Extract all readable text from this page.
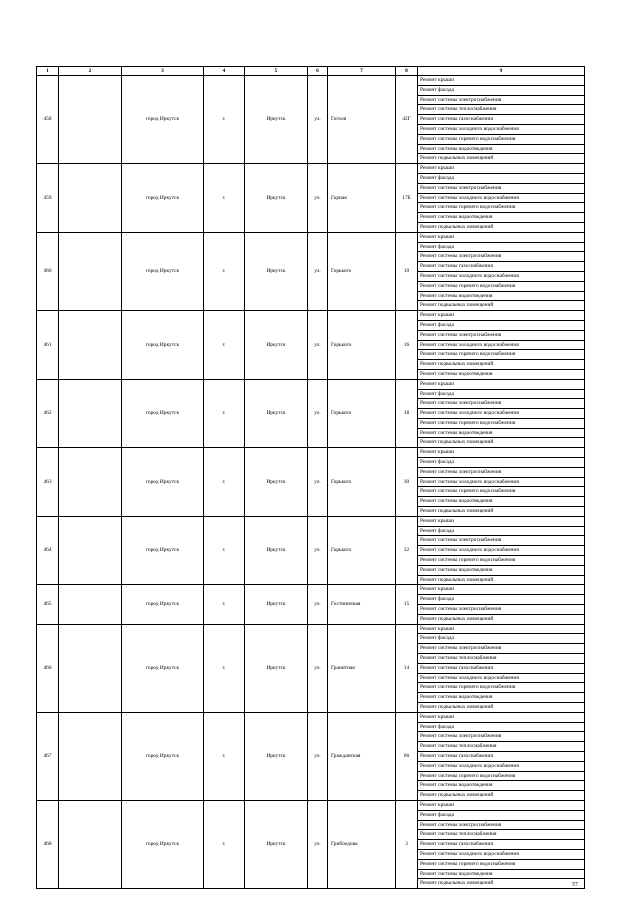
1	2	3	4	5	6	7	8	9
458		город Иркутск	г.	Иркутск	ул.	Гоголя	42Г	Ремонт крыши
								Ремонт фасада
								Ремонт системы электроснабжения
								Ремонт системы теплоснабжения
								Ремонт системы газоснабжения
								Ремонт системы холодного водоснабжения
								Ремонт системы горячего водоснабжения
								Ремонт системы водоотведения
								Ремонт подвальных помещений
459		город Иркутск	г.	Иркутск	ул.	Горная	17Б	Ремонт крыши
								Ремонт фасада
								Ремонт системы электроснабжения
								Ремонт системы холодного водоснабжения
								Ремонт системы горячего водоснабжения
								Ремонт системы водоотведения
								Ремонт подвальных помещений
460		город Иркутск	г.	Иркутск	ул.	Горького	10	Ремонт крыши
								Ремонт фасада
								Ремонт системы электроснабжения
								Ремонт системы газоснабжения
								Ремонт системы холодного водоснабжения
								Ремонт системы горячего водоснабжения
								Ремонт системы водоотведения
								Ремонт подвальных помещений
461		город Иркутск	г.	Иркутск	ул.	Горького	16	Ремонт крыши
								Ремонт фасада
								Ремонт системы электроснабжения
								Ремонт системы холодного водоснабжения
								Ремонт системы горячего водоснабжения
								Ремонт подвальных помещений
								Ремонт системы водоотведения
462		город Иркутск	г.	Иркутск	ул.	Горького	18	Ремонт крыши
								Ремонт фасада
								Ремонт системы электроснабжения
								Ремонт системы холодного водоснабжения
								Ремонт системы горячего водоснабжения
								Ремонт системы водоотведения
								Ремонт подвальных помещений
463		город Иркутск	г.	Иркутск	ул.	Горького	30	Ремонт крыши
								Ремонт фасада
								Ремонт системы электроснабжения
								Ремонт системы холодного водоснабжения
								Ремонт системы горячего водоснабжения
								Ремонт системы водоотведения
								Ремонт подвальных помещений
464		город Иркутск	г.	Иркутск	ул.	Горького	32	Ремонт крыши
								Ремонт фасада
								Ремонт системы электроснабжения
								Ремонт системы холодного водоснабжения
								Ремонт системы горячего водоснабжения
								Ремонт системы водоотведения
								Ремонт подвальных помещений
465		город Иркутск	г.	Иркутск	ул.	Гостиничная	15	Ремонт крыши
								Ремонт фасада
								Ремонт системы электроснабжения
								Ремонт подвальных помещений
466		город Иркутск	г.	Иркутск	ул.	Гранитная	14	Ремонт крыши
								Ремонт фасада
								Ремонт системы электроснабжения
								Ремонт системы теплоснабжения
								Ремонт системы газоснабжения
								Ремонт системы холодного водоснабжения
								Ремонт системы горячего водоснабжения
								Ремонт системы водоотведения
								Ремонт подвальных помещений
467		город Иркутск	г.	Иркутск	ул.	Гражданская	66	Ремонт крыши
								Ремонт фасада
								Ремонт системы электроснабжения
								Ремонт системы теплоснабжения
								Ремонт системы газоснабжения
								Ремонт системы холодного водоснабжения
								Ремонт системы горячего водоснабжения
								Ремонт системы водоотведения
								Ремонт подвальных помещений
468		город Иркутск	г.	Иркутск	ул.	Грибоедова	3	Ремонт крыши
								Ремонт фасада
								Ремонт системы электроснабжения
								Ремонт системы теплоснабжения
								Ремонт системы газоснабжения
								Ремонт системы холодного водоснабжения
								Ремонт системы горячего водоснабжения
								Ремонт системы водоотведения
								Ремонт подвальных помещений	57
